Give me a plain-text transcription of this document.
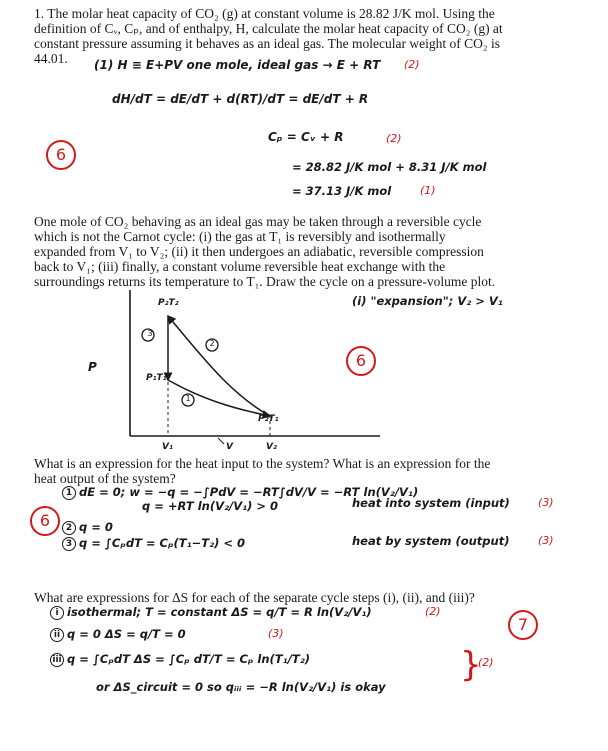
1. The molar heat capacity of CO₂ (g) at constant volume is 28.82 J/K mol. Using the
definition of Cᵥ, Cₚ, and of enthalpy, H, calculate the molar heat capacity of CO₂ (g) at
constant pressure assuming it behaves as an ideal gas. The molecular weight of CO₂ is
44.01. (1) H ≡ E+PV one mole, ideal gas → E + RT (2)
dH/dT = dE/dT + d(RT)/dT = dE/dT + R
Cₚ = Cᵥ + R	(2)
= 28.82 J/K mol + 8.31 J/K mol
= 37.13 J/K mol	(1)
6
One mole of CO₂ behaving as an ideal gas may be taken through a reversible cycle
which is not the Carnot cycle: (i) the gas at T₁ is reversibly and isothermally
expanded from V₁ to V₂; (ii) it then undergoes an adiabatic, reversible compression
back to V₁; (iii) finally, a constant volume reversible heat exchange with the
surroundings returns its temperature to T₁. Draw the cycle on a pressure-volume plot.
(i) "expansion"; V₂ > V₁
6
3
2
1
P
P₂T₂
P₁T₁
P₂T₁
V₁	V	V₂
What is an expression for the heat input to the system? What is an expression for the
heat output of the system?
1 dE = 0; w = −q = −∫PdV = −RT∫dV/V = −RT ln(V₂/V₁)
q = +RT ln(V₂/V₁) > 0	heat into system (input)	(3)
2 q = 0
3 q = ∫CₚdT = Cₚ(T₁−T₂) < 0	heat by system (output)	(3)
6
What are expressions for ΔS for each of the separate cycle steps (i), (ii), and (iii)?
i isothermal; T = constant ΔS = q/T = R ln(V₂/V₁)	(2)
ii q = 0 ΔS = q/T = 0	(3)
iii q = ∫CₚdT ΔS = ∫Cₚ dT/T = Cₚ ln(T₁/T₂)
or ΔS_circuit = 0 so qᵢᵢᵢ = −R ln(V₂/V₁) is okay
}
(2)
7
